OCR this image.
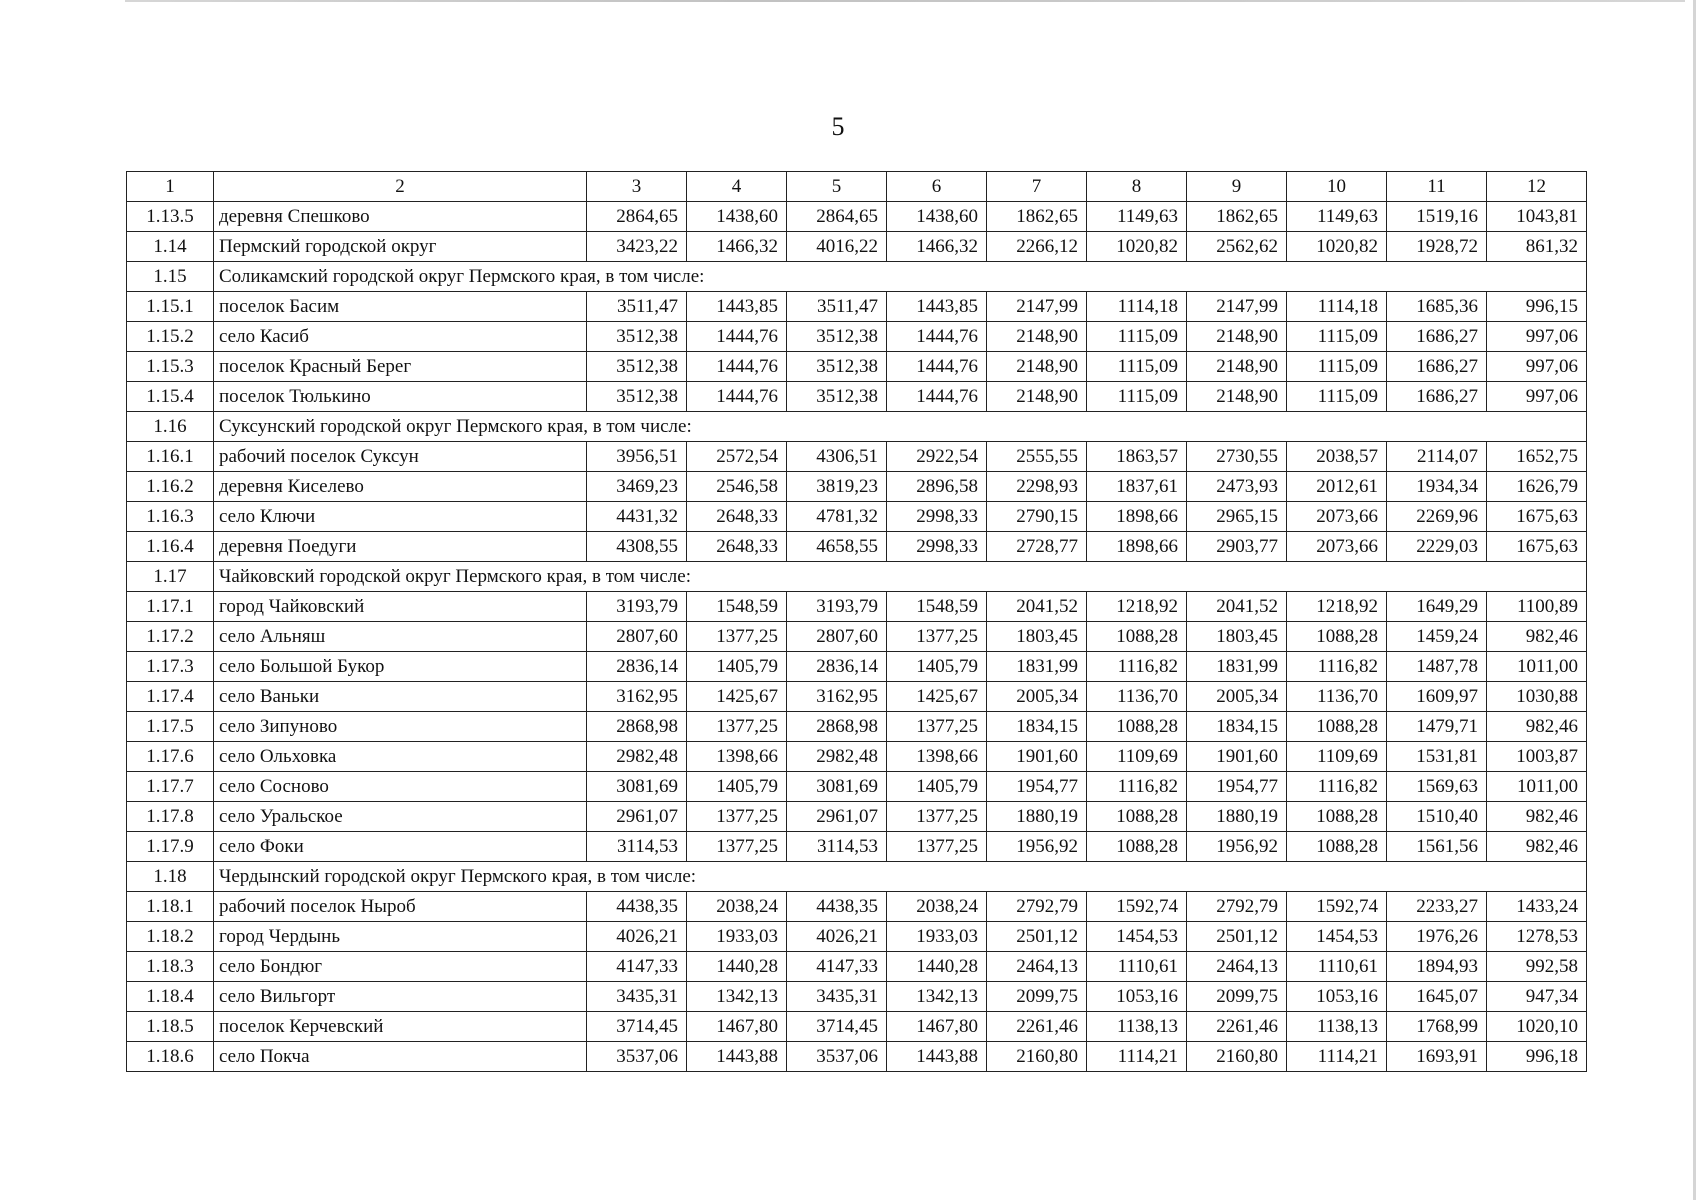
5
1	2	3	4	5	6	7	8	9	10	11	12
1.13.5	деревня Спешково	2864,65	1438,60	2864,65	1438,60	1862,65	1149,63	1862,65	1149,63	1519,16	1043,81
1.14	Пермский городской округ	3423,22	1466,32	4016,22	1466,32	2266,12	1020,82	2562,62	1020,82	1928,72	861,32
1.15	Соликамский городской округ Пермского края, в том числе:										
1.15.1	поселок Басим	3511,47	1443,85	3511,47	1443,85	2147,99	1114,18	2147,99	1114,18	1685,36	996,15
1.15.2	село Касиб	3512,38	1444,76	3512,38	1444,76	2148,90	1115,09	2148,90	1115,09	1686,27	997,06
1.15.3	поселок Красный Берег	3512,38	1444,76	3512,38	1444,76	2148,90	1115,09	2148,90	1115,09	1686,27	997,06
1.15.4	поселок Тюлькино	3512,38	1444,76	3512,38	1444,76	2148,90	1115,09	2148,90	1115,09	1686,27	997,06
1.16	Суксунский городской округ Пермского края, в том числе:										
1.16.1	рабочий поселок Суксун	3956,51	2572,54	4306,51	2922,54	2555,55	1863,57	2730,55	2038,57	2114,07	1652,75
1.16.2	деревня Киселево	3469,23	2546,58	3819,23	2896,58	2298,93	1837,61	2473,93	2012,61	1934,34	1626,79
1.16.3	село Ключи	4431,32	2648,33	4781,32	2998,33	2790,15	1898,66	2965,15	2073,66	2269,96	1675,63
1.16.4	деревня Поедуги	4308,55	2648,33	4658,55	2998,33	2728,77	1898,66	2903,77	2073,66	2229,03	1675,63
1.17	Чайковский городской округ Пермского края, в том числе:										
1.17.1	город Чайковский	3193,79	1548,59	3193,79	1548,59	2041,52	1218,92	2041,52	1218,92	1649,29	1100,89
1.17.2	село Альняш	2807,60	1377,25	2807,60	1377,25	1803,45	1088,28	1803,45	1088,28	1459,24	982,46
1.17.3	село Большой Букор	2836,14	1405,79	2836,14	1405,79	1831,99	1116,82	1831,99	1116,82	1487,78	1011,00
1.17.4	село Ваньки	3162,95	1425,67	3162,95	1425,67	2005,34	1136,70	2005,34	1136,70	1609,97	1030,88
1.17.5	село Зипуново	2868,98	1377,25	2868,98	1377,25	1834,15	1088,28	1834,15	1088,28	1479,71	982,46
1.17.6	село Ольховка	2982,48	1398,66	2982,48	1398,66	1901,60	1109,69	1901,60	1109,69	1531,81	1003,87
1.17.7	село Сосново	3081,69	1405,79	3081,69	1405,79	1954,77	1116,82	1954,77	1116,82	1569,63	1011,00
1.17.8	село Уральское	2961,07	1377,25	2961,07	1377,25	1880,19	1088,28	1880,19	1088,28	1510,40	982,46
1.17.9	село Фоки	3114,53	1377,25	3114,53	1377,25	1956,92	1088,28	1956,92	1088,28	1561,56	982,46
1.18	Чердынский городской округ Пермского края, в том числе:										
1.18.1	рабочий поселок Ныроб	4438,35	2038,24	4438,35	2038,24	2792,79	1592,74	2792,79	1592,74	2233,27	1433,24
1.18.2	город Чердынь	4026,21	1933,03	4026,21	1933,03	2501,12	1454,53	2501,12	1454,53	1976,26	1278,53
1.18.3	село Бондюг	4147,33	1440,28	4147,33	1440,28	2464,13	1110,61	2464,13	1110,61	1894,93	992,58
1.18.4	село Вильгорт	3435,31	1342,13	3435,31	1342,13	2099,75	1053,16	2099,75	1053,16	1645,07	947,34
1.18.5	поселок Керчевский	3714,45	1467,80	3714,45	1467,80	2261,46	1138,13	2261,46	1138,13	1768,99	1020,10
1.18.6	село Покча	3537,06	1443,88	3537,06	1443,88	2160,80	1114,21	2160,80	1114,21	1693,91	996,18
